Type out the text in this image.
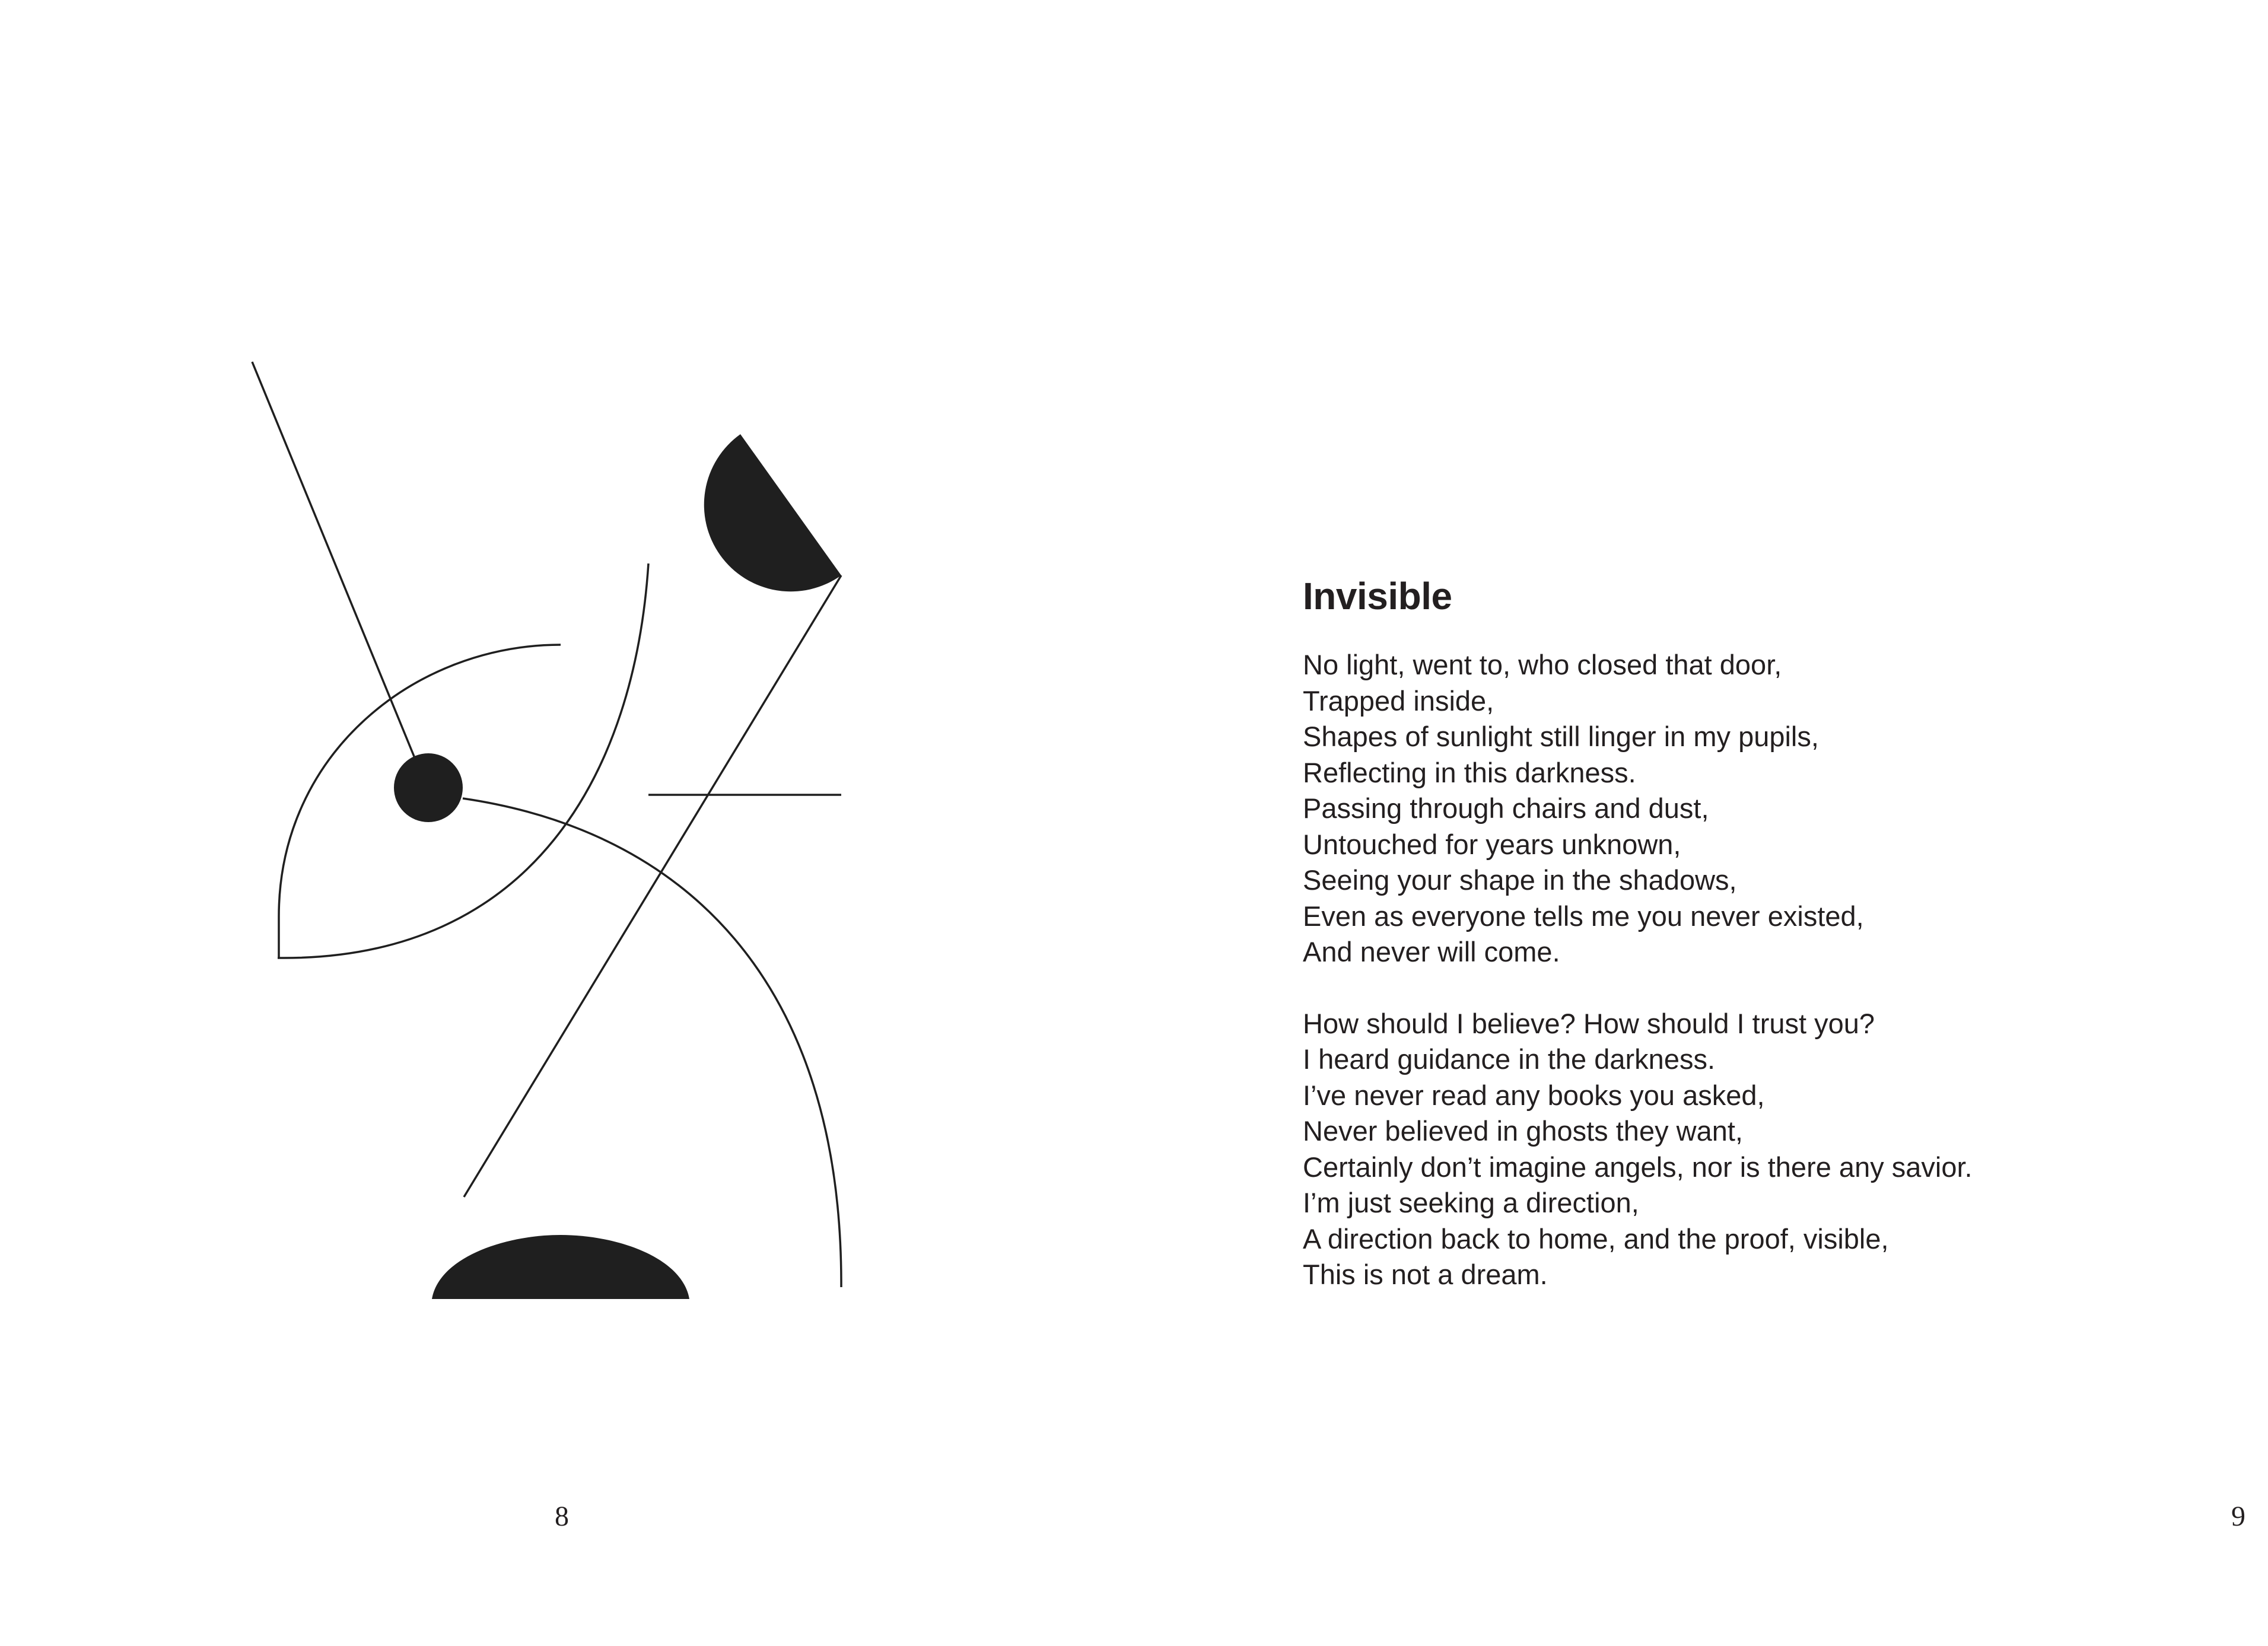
8
Invisible
No light, went to, who closed that door,
Trapped inside,
Shapes of sunlight still linger in my pupils,
Reflecting in this darkness.
Passing through chairs and dust,
Untouched for years unknown,
Seeing your shape in the shadows,
Even as everyone tells me you never existed,
And never will come.
How should I believe? How should I trust you?
I heard guidance in the darkness.
I’ve never read any books you asked,
Never believed in ghosts they want,
Certainly don’t imagine angels, nor is there any savior.
I’m just seeking a direction,
A direction back to home, and the proof, visible,
This is not a dream.
9
